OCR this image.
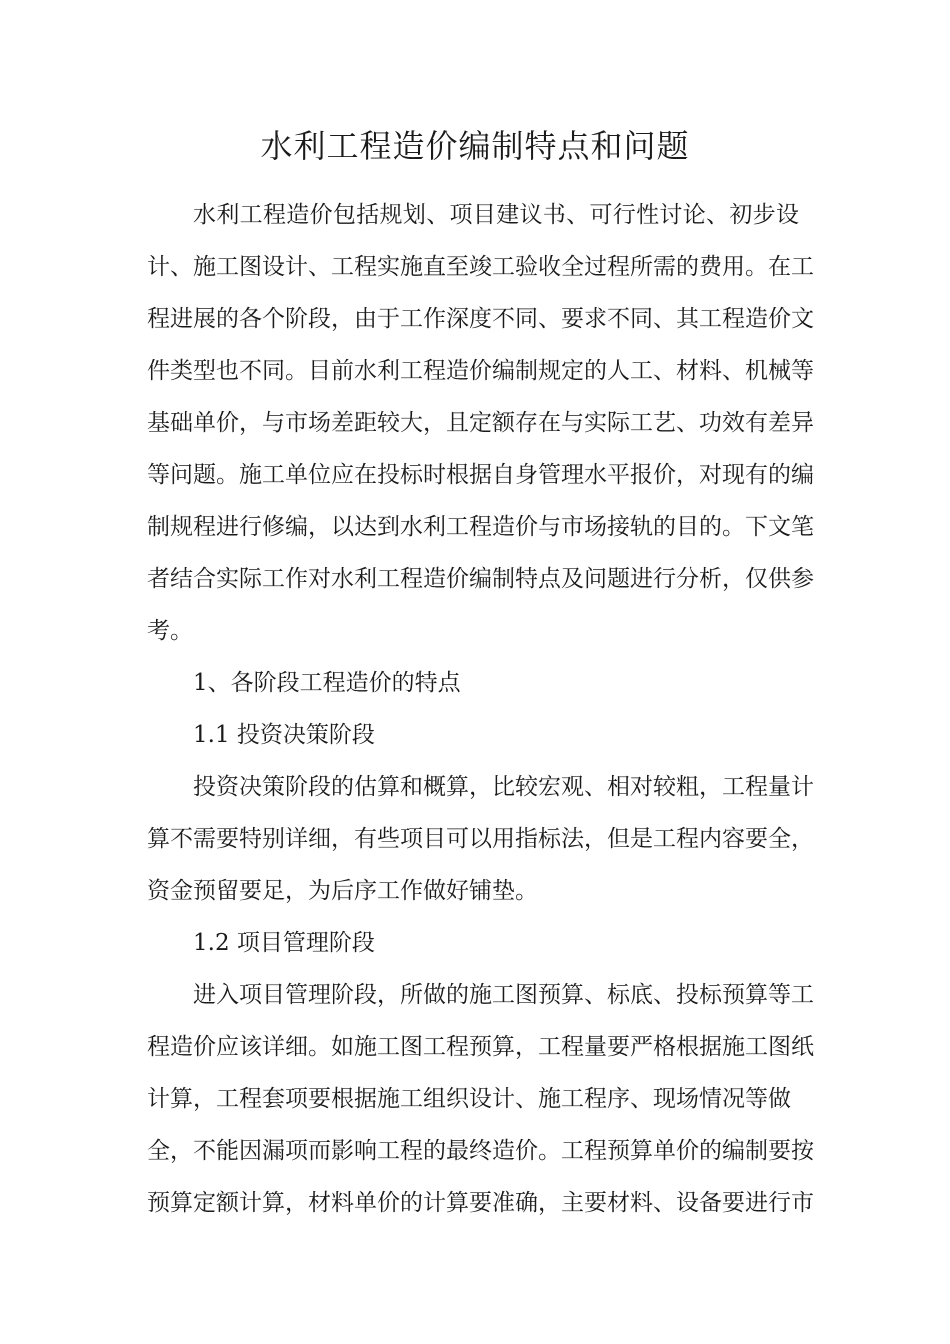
水利工程造价编制特点和问题
水利工程造价包括规划、项目建议书、可行性讨论、初步设
计、施工图设计、工程实施直至竣工验收全过程所需的费用。在工
程进展的各个阶段，由于工作深度不同、要求不同、其工程造价文
件类型也不同。目前水利工程造价编制规定的人工、材料、机械等
基础单价，与市场差距较大，且定额存在与实际工艺、功效有差异
等问题。施工单位应在投标时根据自身管理水平报价，对现有的编
制规程进行修编，以达到水利工程造价与市场接轨的目的。下文笔
者结合实际工作对水利工程造价编制特点及问题进行分析，仅供参
考。
1、各阶段工程造价的特点
1.1 投资决策阶段
投资决策阶段的估算和概算，比较宏观、相对较粗，工程量计
算不需要特别详细，有些项目可以用指标法，但是工程内容要全，
资金预留要足，为后序工作做好铺垫。
1.2 项目管理阶段
进入项目管理阶段，所做的施工图预算、标底、投标预算等工
程造价应该详细。如施工图工程预算，工程量要严格根据施工图纸
计算，工程套项要根据施工组织设计、施工程序、现场情况等做
全，不能因漏项而影响工程的最终造价。工程预算单价的编制要按
预算定额计算，材料单价的计算要准确，主要材料、设备要进行市
